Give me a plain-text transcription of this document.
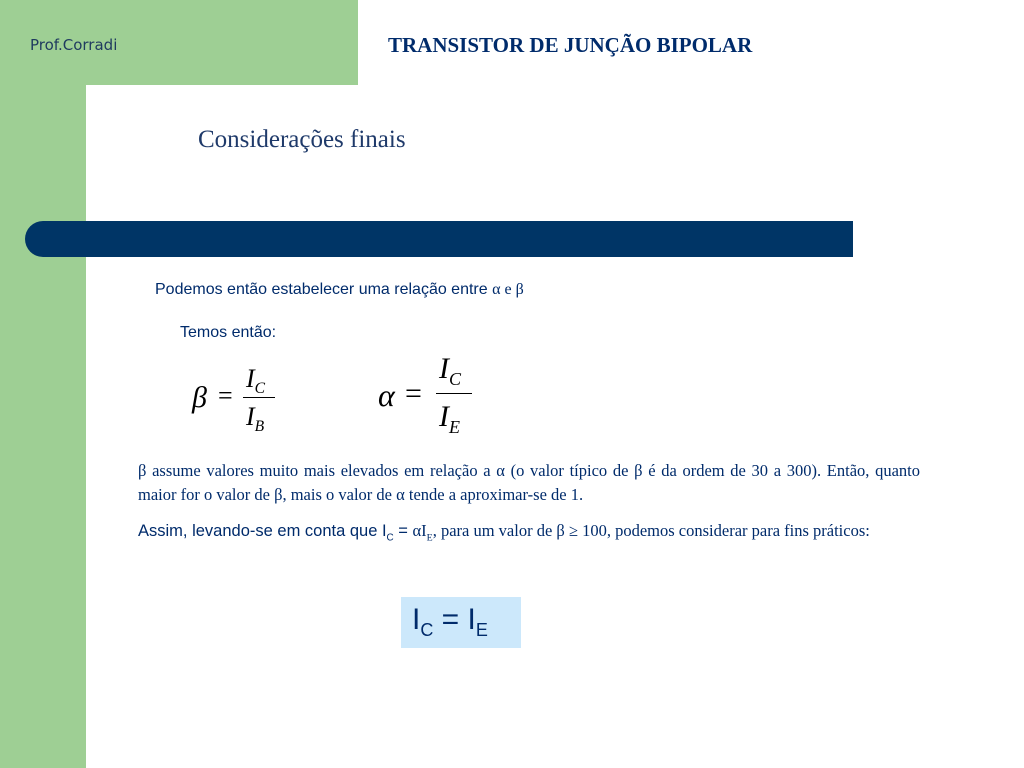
Prof.Corradi	TRANSISTOR DE JUNÇÃO BIPOLAR
Considerações finais
Podemos então estabelecer uma relação entre α e β
Temos então:
β =
$I_C$
$I_B$
α =
$I_C$
$I_E$
β assume valores muito mais elevados em relação a α (o valor típico de β é da ordem de 30 a 300). Então, quanto maior for o valor de β, mais o valor de α tende a aproximar-se de 1.
Assim, levando-se em conta que $I_C = \alpha I_E$, para um valor de β ≥ 100, podemos considerar para fins práticos:
$I_C = I_E$
